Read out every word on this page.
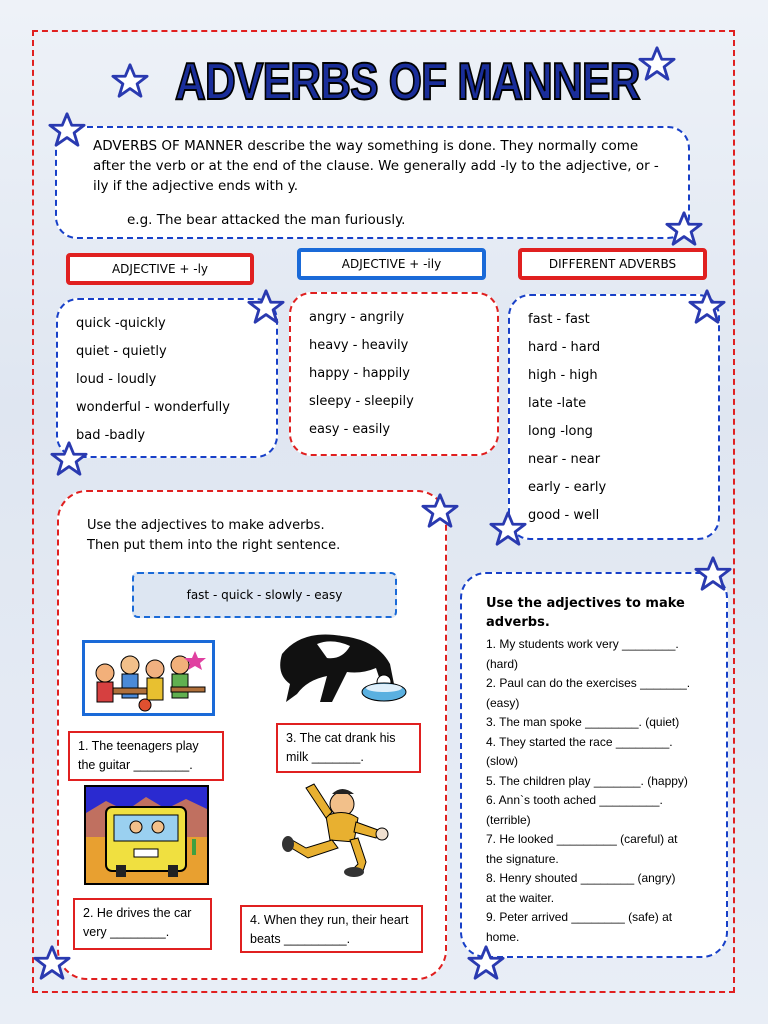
ADVERBS OF MANNER

ADVERBS OF MANNER describe the way something is done. They normally come after the verb or at the end of the clause. We generally add -ly to the adjective, or -ily if the adjective ends with y.

e.g. The bear attacked the man furiously.

ADJECTIVE + -ly	ADJECTIVE + -ily	DIFFERENT ADVERBS
quick -quickly
quiet - quietly
loud - loudly
wonderful - wonderfully
bad -badly
angry - angrily
heavy - heavily
happy - happily
sleepy - sleepily
easy - easily
fast - fast
hard - hard
high - high
late -late
long -long
near - near
early - early
good - well
Use the adjectives to make adverbs.
Then put them into the right sentence.
fast - quick - slowly - easy
1. The teenagers play the guitar ________.
3. The cat drank his milk _______.
2. He drives the car very ________.
4. When they run, their heart beats _________.
Use the adjectives to make adverbs.
1. My students work very ________.
(hard)
2. Paul can do the exercises _______.
(easy)
3. The man spoke ________. (quiet)
4. They started the race ________.
(slow)
5. The children play _______. (happy)
6. Ann`s tooth ached _________.
(terrible)
7. He looked _________ (careful) at
the signature.
8. Henry shouted ________ (angry)
at the waiter.
9. Peter arrived ________ (safe) at
home.
